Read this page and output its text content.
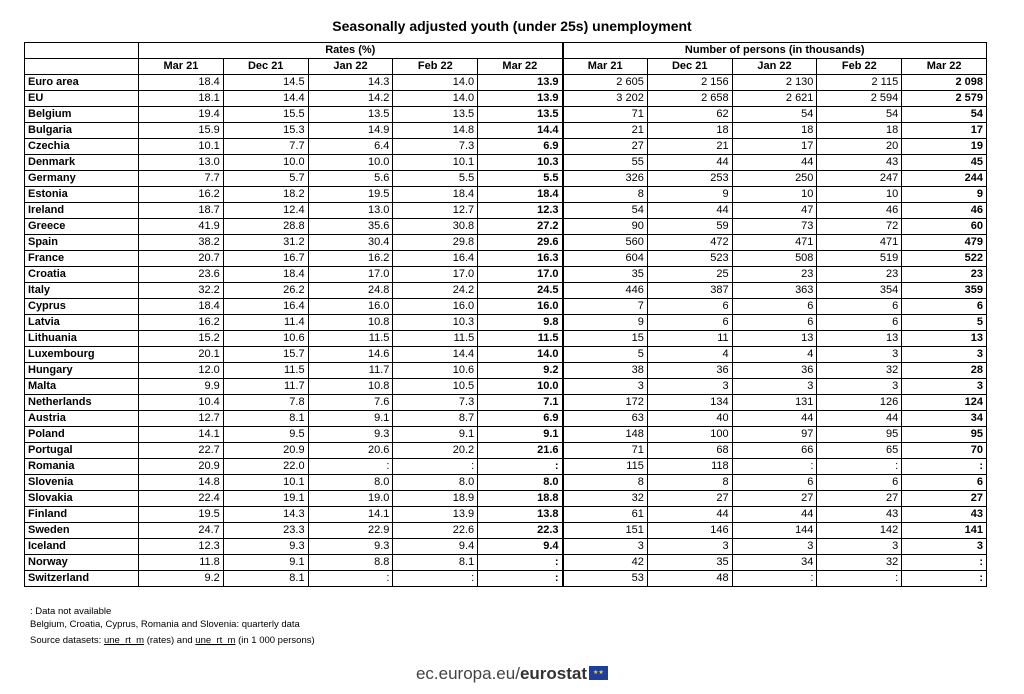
Seasonally adjusted youth (under 25s) unemployment
	Rates (%)					Number of persons (in thousands)				
	Mar 21	Dec 21	Jan 22	Feb 22	Mar 22	Mar 21	Dec 21	Jan 22	Feb 22	Mar 22
Euro area	18.4	14.5	14.3	14.0	13.9	2 605	2 156	2 130	2 115	2 098
EU	18.1	14.4	14.2	14.0	13.9	3 202	2 658	2 621	2 594	2 579
Belgium	19.4	15.5	13.5	13.5	13.5	71	62	54	54	54
Bulgaria	15.9	15.3	14.9	14.8	14.4	21	18	18	18	17
Czechia	10.1	7.7	6.4	7.3	6.9	27	21	17	20	19
Denmark	13.0	10.0	10.0	10.1	10.3	55	44	44	43	45
Germany	7.7	5.7	5.6	5.5	5.5	326	253	250	247	244
Estonia	16.2	18.2	19.5	18.4	18.4	8	9	10	10	9
Ireland	18.7	12.4	13.0	12.7	12.3	54	44	47	46	46
Greece	41.9	28.8	35.6	30.8	27.2	90	59	73	72	60
Spain	38.2	31.2	30.4	29.8	29.6	560	472	471	471	479
France	20.7	16.7	16.2	16.4	16.3	604	523	508	519	522
Croatia	23.6	18.4	17.0	17.0	17.0	35	25	23	23	23
Italy	32.2	26.2	24.8	24.2	24.5	446	387	363	354	359
Cyprus	18.4	16.4	16.0	16.0	16.0	7	6	6	6	6
Latvia	16.2	11.4	10.8	10.3	9.8	9	6	6	6	5
Lithuania	15.2	10.6	11.5	11.5	11.5	15	11	13	13	13
Luxembourg	20.1	15.7	14.6	14.4	14.0	5	4	4	3	3
Hungary	12.0	11.5	11.7	10.6	9.2	38	36	36	32	28
Malta	9.9	11.7	10.8	10.5	10.0	3	3	3	3	3
Netherlands	10.4	7.8	7.6	7.3	7.1	172	134	131	126	124
Austria	12.7	8.1	9.1	8.7	6.9	63	40	44	44	34
Poland	14.1	9.5	9.3	9.1	9.1	148	100	97	95	95
Portugal	22.7	20.9	20.6	20.2	21.6	71	68	66	65	70
Romania	20.9	22.0	:	:	:	115	118	:	:	:
Slovenia	14.8	10.1	8.0	8.0	8.0	8	8	6	6	6
Slovakia	22.4	19.1	19.0	18.9	18.8	32	27	27	27	27
Finland	19.5	14.3	14.1	13.9	13.8	61	44	44	43	43
Sweden	24.7	23.3	22.9	22.6	22.3	151	146	144	142	141
Iceland	12.3	9.3	9.3	9.4	9.4	3	3	3	3	3
Norway	11.8	9.1	8.8	8.1	:	42	35	34	32	:
Switzerland	9.2	8.1	:	:	:	53	48	:	:	:
: Data not available
Belgium, Croatia, Cyprus, Romania and Slovenia: quarterly data
Source datasets: une_rt_m (rates) and une_rt_m (in 1 000 persons)
ec.europa.eu/eurostat ★★
